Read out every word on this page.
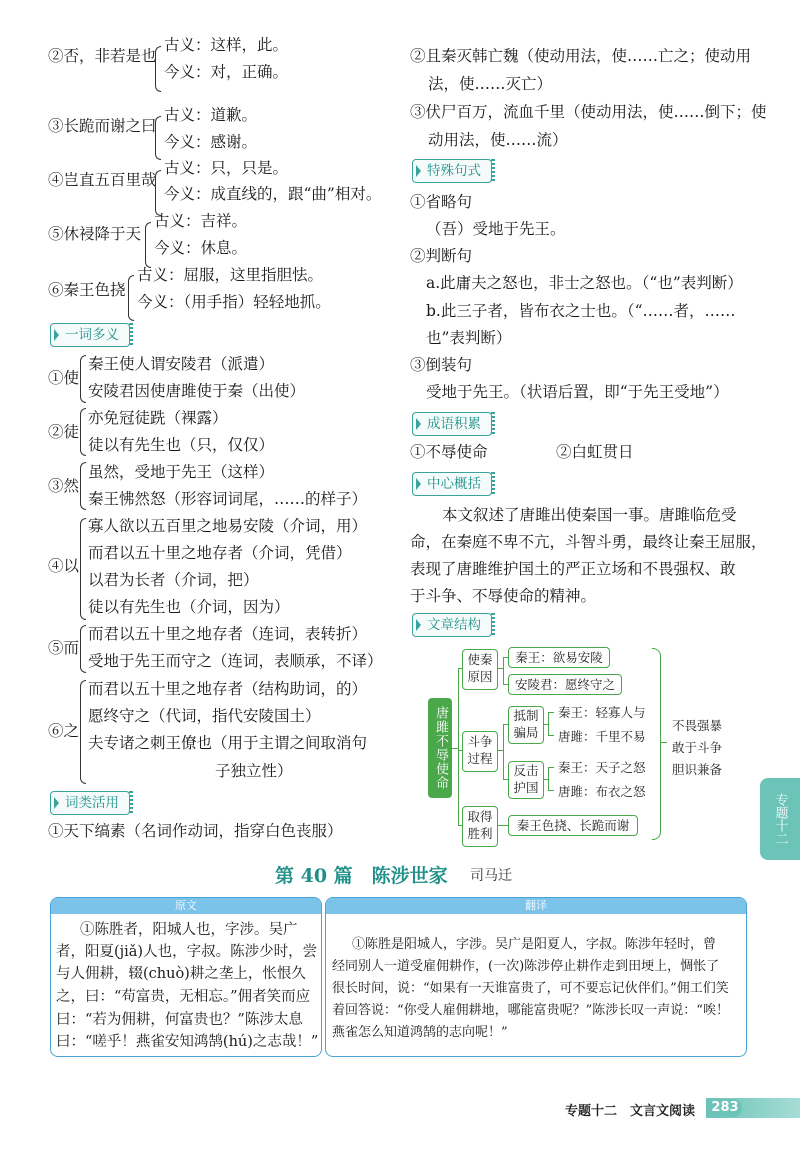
②否，非若是也
古义：这样，此。
今义：对，正确。
③长跪而谢之曰
古义：道歉。
今义：感谢。
④岂直五百里哉
古义：只，只是。
今义：成直线的，跟“曲”相对。
⑤休祲降于天
古义：吉祥。
今义：休息。
⑥秦王色挠
古义：屈服，这里指胆怯。
今义：（用手指）轻轻地抓。
一词多义
①使
秦王使人谓安陵君（派遣）
安陵君因使唐雎使于秦（出使）
②徒
亦免冠徒跣（裸露）
徒以有先生也（只，仅仅）
③然
虽然，受地于先王（这样）
秦王怫然怒（形容词词尾，……的样子）
④以
寡人欲以五百里之地易安陵（介词，用）
而君以五十里之地存者（介词，凭借）
以君为长者（介词，把）
徒以有先生也（介词，因为）
⑤而
而君以五十里之地存者（连词，表转折）
受地于先王而守之（连词，表顺承，不译）
⑥之
而君以五十里之地存者（结构助词，的）
愿终守之（代词，指代安陵国土）
夫专诸之刺王僚也（用于主谓之间取消句
子独立性）
词类活用
①天下缟素（名词作动词，指穿白色丧服）
②且秦灭韩亡魏（使动用法，使……亡之；使动用
法，使……灭亡）
③伏尸百万，流血千里（使动用法，使……倒下；使
动用法，使……流）
特殊句式
①省略句
（吾）受地于先王。
②判断句
a.此庸夫之怒也，非士之怒也。（“也”表判断）
b.此三子者，皆布衣之士也。（“……者，……
也”表判断）
③倒装句
受地于先王。（状语后置，即“于先王受地”）
成语积累
①不辱使命	②白虹贯日
中心概括
本文叙述了唐雎出使秦国一事。唐雎临危受
命，在秦庭不卑不亢，斗智斗勇，最终让秦王屈服，
表现了唐雎维护国土的严正立场和不畏强权、敢
于斗争、不辱使命的精神。
文章结构
唐雎不辱使命
使秦原因
斗争过程
取得胜利
秦王：欲易安陵
安陵君：愿终守之
抵制骗局
反击护国
秦王：轻寡人与
唐雎：千里不易
秦王：天子之怒
唐雎：布衣之怒
秦王色挠、长跪而谢
不畏强暴
敢于斗争
胆识兼备
专题十二
第 40 篇　陈涉世家 司马迁
原文
①陈胜者，阳城人也，字涉。吴广
者，阳夏(jiǎ)人也，字叔。陈涉少时，尝
与人佣耕，辍(chuò)耕之垄上，怅恨久
之，曰：“苟富贵，无相忘。”佣者笑而应
曰：“若为佣耕，何富贵也？”陈涉太息
曰：“嗟乎！燕雀安知鸿鹄(hú)之志哉！”
翻译
①陈胜是阳城人，字涉。吴广是阳夏人，字叔。陈涉年轻时，曾
经同别人一道受雇佣耕作，(一次)陈涉停止耕作走到田埂上，惆怅了
很长时间，说：“如果有一天谁富贵了，可不要忘记伙伴们。”佣工们笑
着回答说：“你受人雇佣耕地，哪能富贵呢？”陈涉长叹一声说：“唉！
燕雀怎么知道鸿鹄的志向呢！”
专题十二　文言文阅读 283
